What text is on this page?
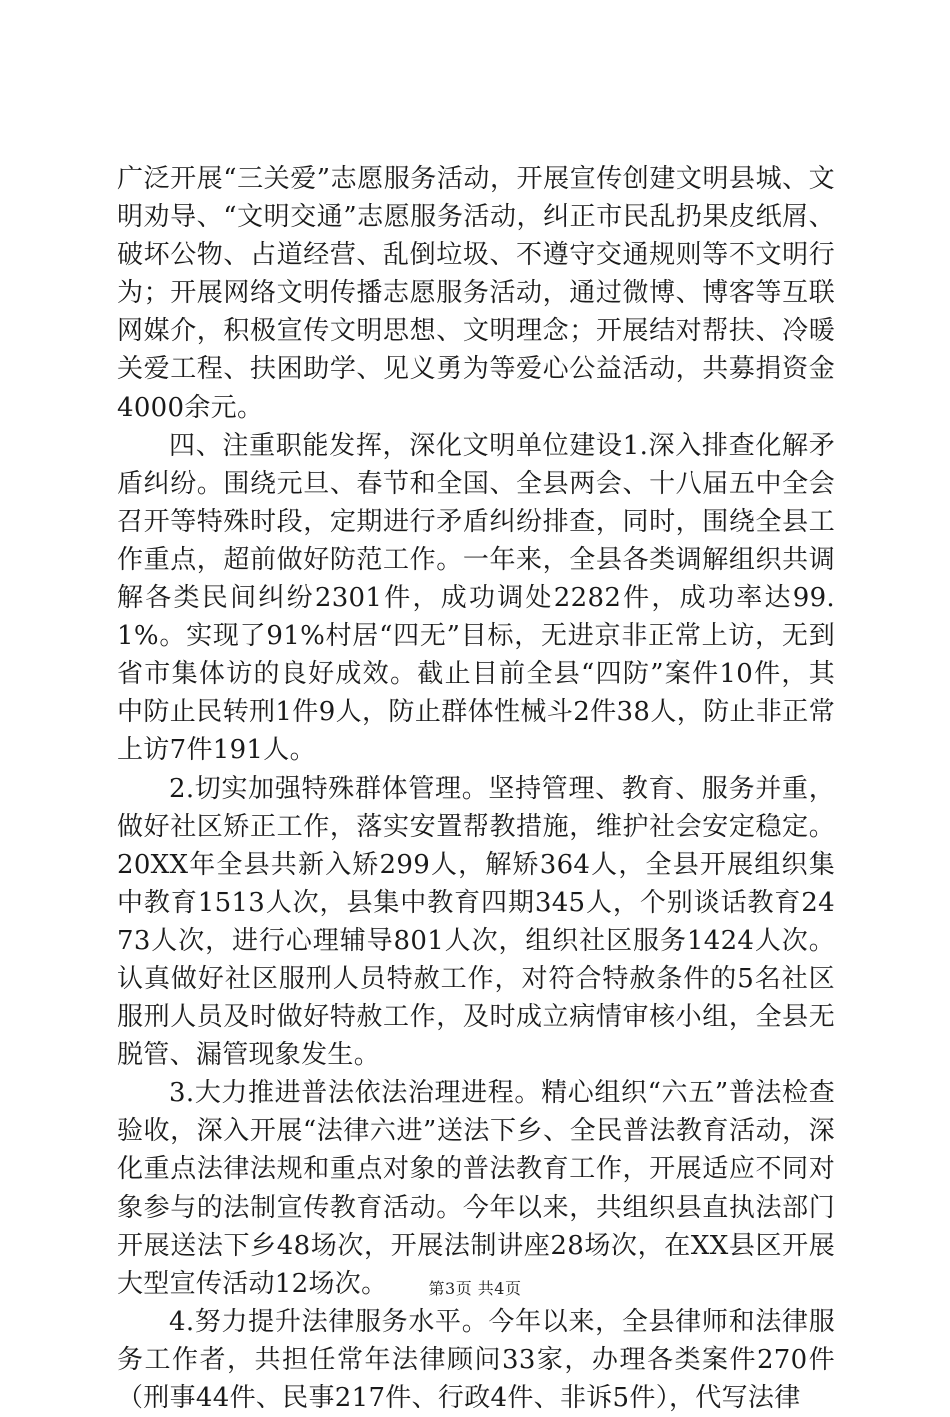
广泛开展“三关爱”志愿服务活动，开展宣传创建文明县城、文明劝导、“文明交通”志愿服务活动，纠正市民乱扔果皮纸屑、破坏公物、占道经营、乱倒垃圾、不遵守交通规则等不文明行为；开展网络文明传播志愿服务活动，通过微博、博客等互联网媒介，积极宣传文明思想、文明理念；开展结对帮扶、冷暖关爱工程、扶困助学、见义勇为等爱心公益活动，共募捐资金4000余元。

四、注重职能发挥，深化文明单位建设1.深入排查化解矛盾纠纷。围绕元旦、春节和全国、全县两会、十八届五中全会召开等特殊时段，定期进行矛盾纠纷排查，同时，围绕全县工作重点，超前做好防范工作。一年来，全县各类调解组织共调解各类民间纠纷2301件，成功调处2282件，成功率达99.1%。实现了91%村居“四无”目标，无进京非正常上访，无到省市集体访的良好成效。截止目前全县“四防”案件10件，其中防止民转刑1件9人，防止群体性械斗2件38人，防止非正常上访7件191人。

2.切实加强特殊群体管理。坚持管理、教育、服务并重，做好社区矫正工作，落实安置帮教措施，维护社会安定稳定。20XX年全县共新入矫299人，解矫364人，全县开展组织集中教育1513人次，县集中教育四期345人，个别谈话教育2473人次，进行心理辅导801人次，组织社区服务1424人次。认真做好社区服刑人员特赦工作，对符合特赦条件的5名社区服刑人员及时做好特赦工作，及时成立病情审核小组，全县无脱管、漏管现象发生。

3.大力推进普法依法治理进程。精心组织“六五”普法检查验收，深入开展“法律六进”送法下乡、全民普法教育活动，深化重点法律法规和重点对象的普法教育工作，开展适应不同对象参与的法制宣传教育活动。今年以来，共组织县直执法部门开展送法下乡48场次，开展法制讲座28场次，在XX县区开展大型宣传活动12场次。

4.努力提升法律服务水平。今年以来，全县律师和法律服务工作者，共担任常年法律顾问33家，办理各类案件270件（刑事44件、民事217件、行政4件、非诉5件），代写法律

第3页 共4页
